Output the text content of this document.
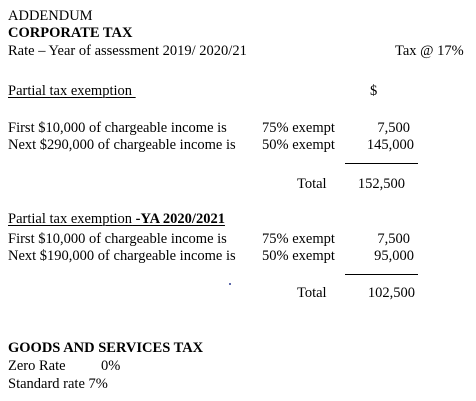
ADDENDUM
CORPORATE TAX
Rate – Year of assessment 2019/ 2020/21	Tax @ 17%
Partial tax exemption	$
First $10,000 of chargeable income is 75% exempt	7,500
Next $290,000 of chargeable income is 50% exempt	145,000
Total	152,500
Partial tax exemption -YA 2020/2021
First $10,000 of chargeable income is 75% exempt	7,500
Next $190,000 of chargeable income is 50% exempt	95,000
Total	102,500
GOODS AND SERVICES TAX
Zero Rate 0%
Standard rate 7%
